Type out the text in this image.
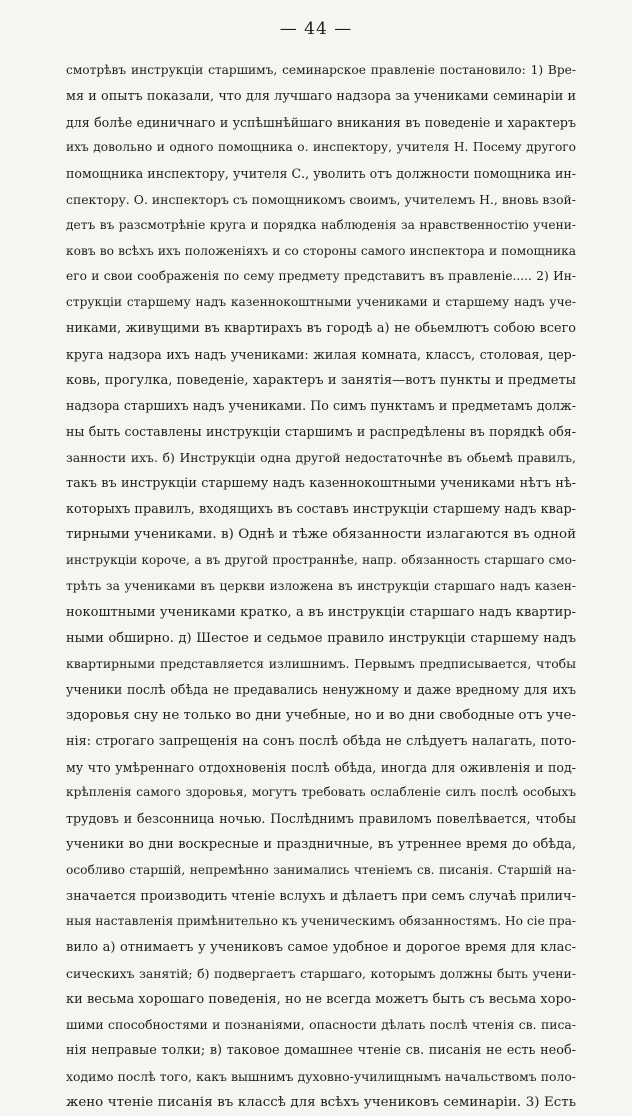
— 44 —
смотрѣвъ инструкціи старшимъ, семинарское правленіе постановило: 1) Вре-
мя и опытъ показали, что для лучшаго надзора за учениками семинаріи и
для болѣе единичнаго и успѣшнѣйшаго вникания въ поведеніе и характеръ
ихъ довольно и одного помощника о. инспектору, учителя Н. Посему другого
помощника инспектору, учителя С., уволить отъ должности помощника ин-
спектору. О. инспекторъ съ помощникомъ своимъ, учителемъ Н., вновь взой-
детъ въ разсмотрѣніе круга и порядка наблюденія за нравственностію учени-
ковъ во всѣхъ ихъ положеніяхъ и со стороны самого инспектора и помощника
его и свои соображенія по сему предмету представитъ въ правленіе..... 2) Ин-
струкціи старшему надъ казеннокоштными учениками и старшему надъ уче-
никами, живущими въ квартирахъ въ городѣ а) не обьемлютъ собою всего
круга надзора ихъ надъ учениками: жилая комната, классъ, столовая, цер-
ковь, прогулка, поведеніе, характеръ и занятія—вотъ пункты и предметы
надзора старшихъ надъ учениками. По симъ пунктамъ и предметамъ долж-
ны быть составлены инструкціи старшимъ и распредѣлены въ порядкѣ обя-
занности ихъ. б) Инструкціи одна другой недостаточнѣе въ обьемѣ правилъ,
такъ въ инструкціи старшему надъ казеннокоштными учениками нѣтъ нѣ-
которыхъ правилъ, входящихъ въ составъ инструкціи старшему надъ квар-
тирными учениками. в) Однѣ и тѣже обязанности излагаются въ одной
инструкціи короче, а въ другой пространнѣе, напр. обязанность старшаго смо-
трѣть за учениками въ церкви изложена въ инструкціи старшаго надъ казен-
нокоштными учениками кратко, а въ инструкціи старшаго надъ квартир-
ными обширно. д) Шестое и седьмое правило инструкціи старшему надъ
квартирными представляется излишнимъ. Первымъ предписывается, чтобы
ученики послѣ обѣда не предавались ненужному и даже вредному для ихъ
здоровья сну не только во дни учебные, но и во дни свободные отъ уче-
нія: строгаго запрещенія на сонъ послѣ обѣда не слѣдуетъ налагать, пото-
му что умѣреннаго отдохновенія послѣ обѣда, иногда для оживленія и под-
крѣпленія самого здоровья, могутъ требовать ослабленіе силъ послѣ особыхъ
трудовъ и безсонница ночью. Послѣднимъ правиломъ повелѣвается, чтобы
ученики во дни воскресные и праздничные, въ утреннее время до обѣда,
особливо старшій, непремѣнно занимались чтеніемъ св. писанія. Старшій на-
значается производить чтеніе вслухъ и дѣлаетъ при семъ случаѣ прилич-
ныя наставленія примѣнительно къ ученическимъ обязанностямъ. Но сіе пра-
вило а) отнимаетъ у учениковъ самое удобное и дорогое время для клас-
сическихъ занятій; б) подвергаетъ старшаго, которымъ должны быть учени-
ки весьма хорошаго поведенія, но не всегда можетъ быть съ весьма хоро-
шими способностями и познаніями, опасности дѣлать послѣ чтенія св. писа-
нія неправые толки; в) таковое домашнее чтеніе св. писанія не есть необ-
ходимо послѣ того, какъ вышнимъ духовно-училищнымъ начальствомъ поло-
жено чтеніе писанія въ классѣ для всѣхъ учениковъ семинаріи. 3) Есть
